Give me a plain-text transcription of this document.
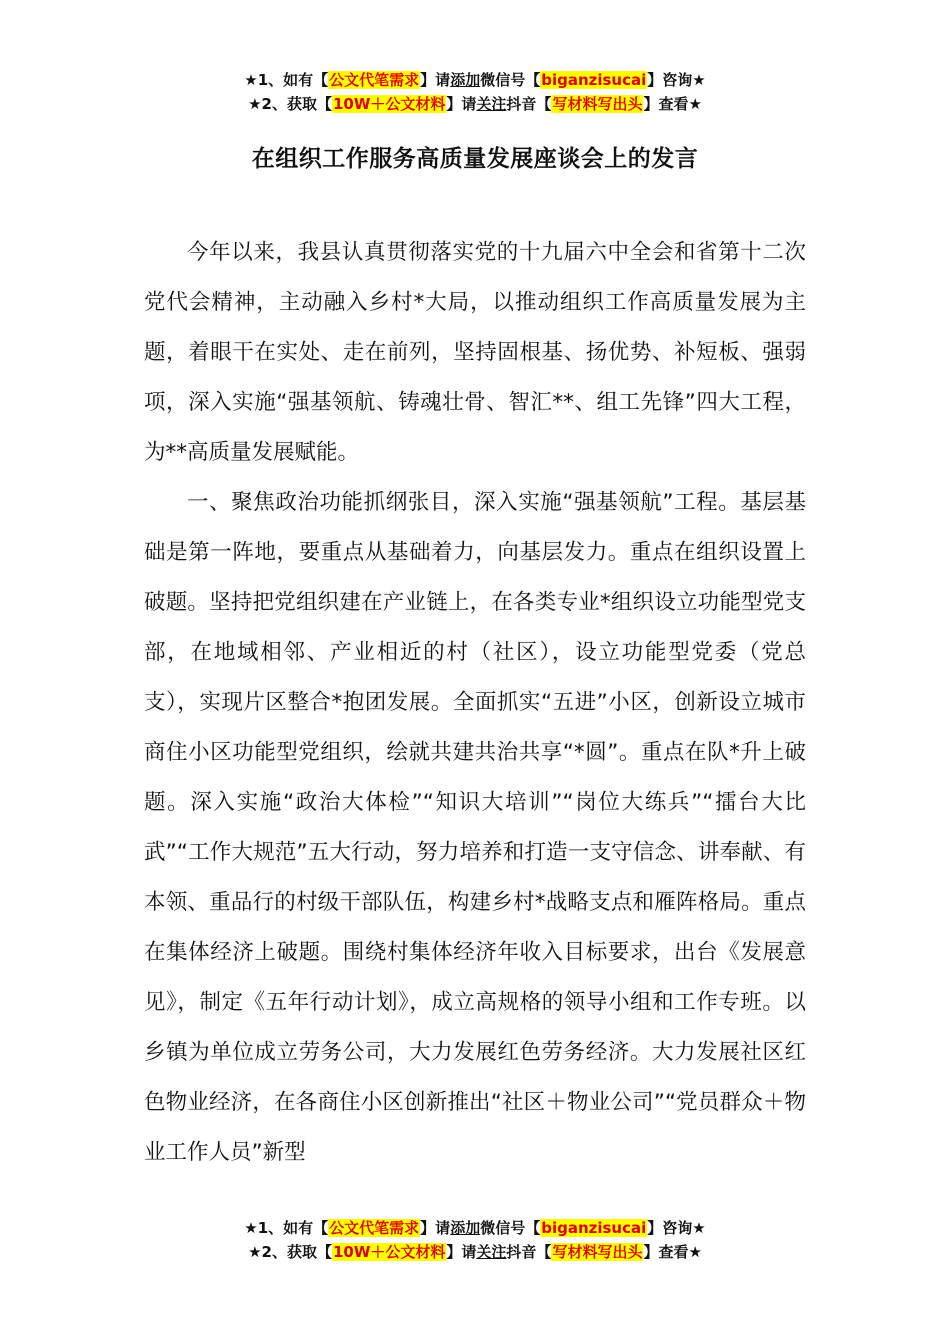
★1、如有【公文代笔需求】请添加微信号【biganzisucai】咨询★
★2、获取【10W＋公文材料】请关注抖音【写材料写出头】查看★
在组织工作服务高质量发展座谈会上的发言

今年以来，我县认真贯彻落实党的十九届六中全会和省第十二次党代会精神，主动融入乡村*大局，以推动组织工作高质量发展为主题，着眼干在实处、走在前列，坚持固根基、扬优势、补短板、强弱项，深入实施“强基领航、铸魂壮骨、智汇**、组工先锋”四大工程，为**高质量发展赋能。

一、聚焦政治功能抓纲张目，深入实施“强基领航”工程。基层基础是第一阵地，要重点从基础着力，向基层发力。重点在组织设置上破题。坚持把党组织建在产业链上，在各类专业*组织设立功能型党支部，在地域相邻、产业相近的村（社区），设立功能型党委（党总支），实现片区整合*抱团发展。全面抓实“五进”小区，创新设立城市商住小区功能型党组织，绘就共建共治共享“*圆”。重点在队*升上破题。深入实施“政治大体检”“知识大培训”“岗位大练兵”“擂台大比武”“工作大规范”五大行动，努力培养和打造一支守信念、讲奉献、有本领、重品行的村级干部队伍，构建乡村*战略支点和雁阵格局。重点在集体经济上破题。围绕村集体经济年收入目标要求，出台《发展意见》，制定《五年行动计划》，成立高规格的领导小组和工作专班。以乡镇为单位成立劳务公司，大力发展红色劳务经济。大力发展社区红色物业经济，在各商住小区创新推出“社区＋物业公司”“党员群众＋物业工作人员”新型

★1、如有【公文代笔需求】请添加微信号【biganzisucai】咨询★
★2、获取【10W＋公文材料】请关注抖音【写材料写出头】查看★
